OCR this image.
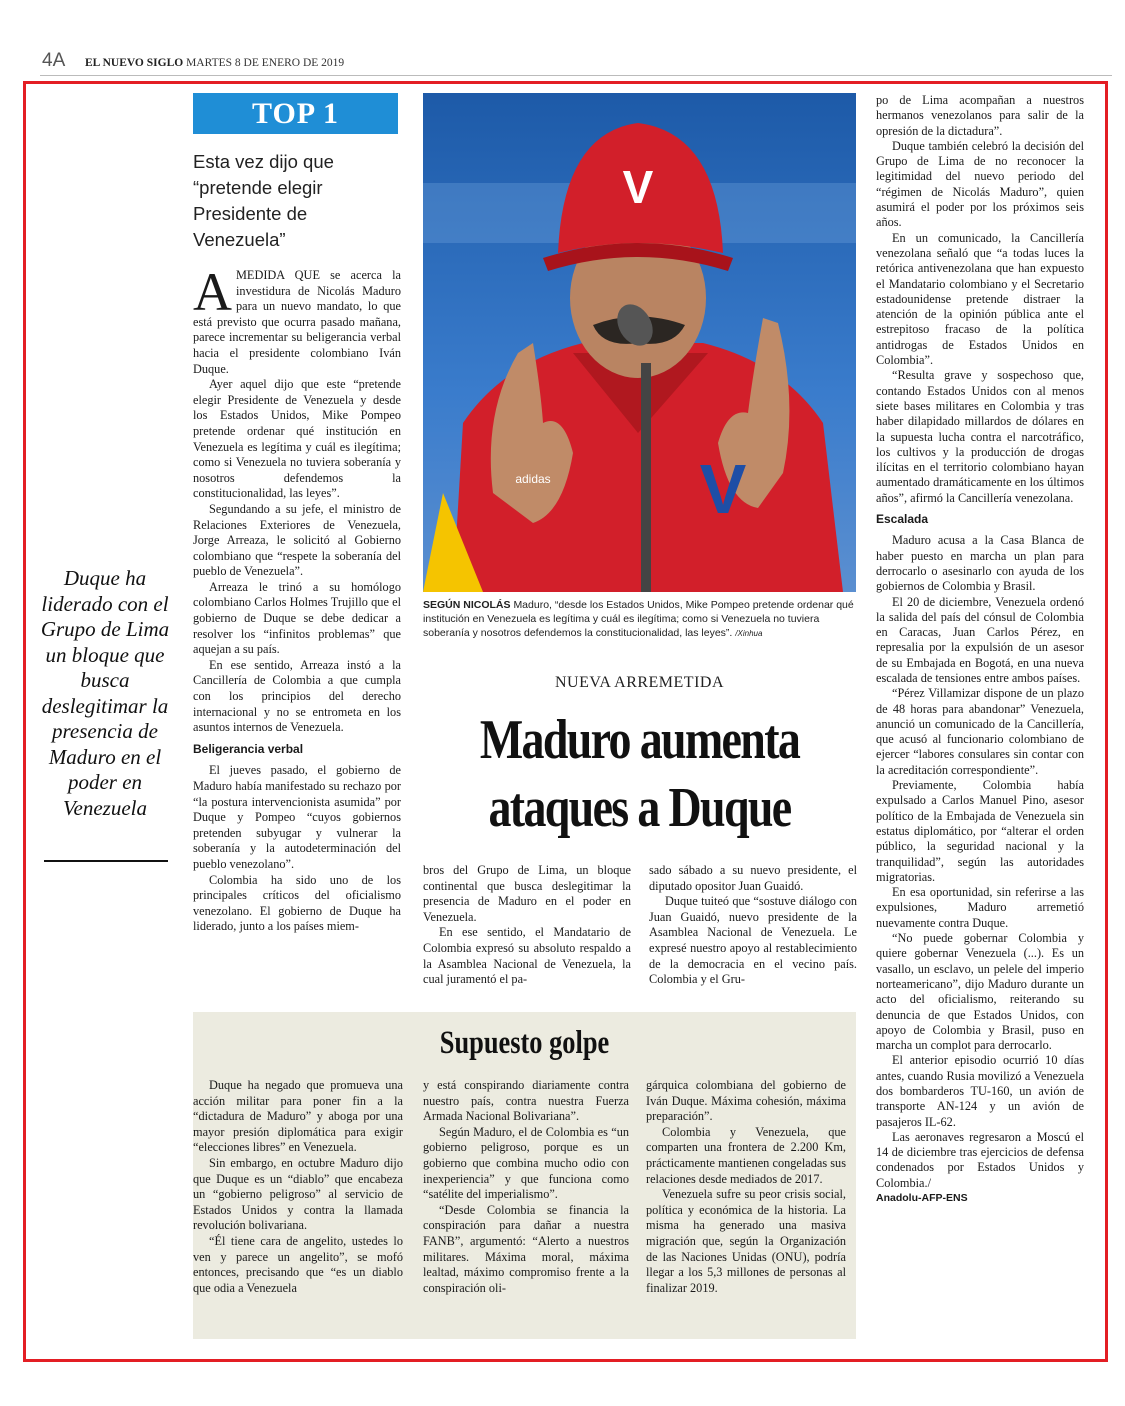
4A EL NUEVO SIGLO MARTES 8 DE ENERO DE 2019
TOP 1
Esta vez dijo que “pretende elegir Presidente de Venezuela”

AMEDIDA QUE se acerca la investidura de Nicolás Maduro para un nuevo mandato, lo que está previsto que ocurra pasado mañana, parece incrementar su beligerancia verbal hacia el presidente colombiano Iván Duque.

Ayer aquel dijo que este “pretende elegir Presidente de Venezuela y desde los Estados Unidos, Mike Pompeo pretende ordenar qué institución en Venezuela es legítima y cuál es ilegítima; como si Venezuela no tuviera soberanía y nosotros defendemos la constitucionalidad, las leyes”.

Segundando a su jefe, el ministro de Relaciones Exteriores de Venezuela, Jorge Arreaza, le solicitó al Gobierno colombiano que “respete la soberanía del pueblo de Venezuela”.

Arreaza le trinó a su homólogo colombiano Carlos Holmes Trujillo que el gobierno de Duque se debe dedicar a resolver los “infinitos problemas” que aquejan a su país.

En ese sentido, Arreaza instó a la Cancillería de Colombia a que cumpla con los principios del derecho internacional y no se entrometa en los asuntos internos de Venezuela.

Beligerancia verbal

El jueves pasado, el gobierno de Maduro había manifestado su rechazo por “la postura intervencionista asumida” por Duque y Pompeo “cuyos gobiernos pretenden subyugar y vulnerar la soberanía y la autodeterminación del pueblo venezolano”.

Colombia ha sido uno de los principales críticos del oficialismo venezolano. El gobierno de Duque ha liderado, junto a los países miem-

Duque ha liderado con el Grupo de Lima un bloque que busca deslegitimar la presencia de Maduro en el poder en Venezuela
V
V
adidas
SEGÚN NICOLÁS Maduro, “desde los Estados Unidos, Mike Pompeo pretende ordenar qué institución en Venezuela es legítima y cuál es ilegítima; como si Venezuela no tuviera soberanía y nosotros defendemos la constitucionalidad, las leyes”. /Xinhua
NUEVA ARREMETIDA
Maduro aumenta
ataques a Duque

bros del Grupo de Lima, un bloque continental que busca deslegitimar la presencia de Maduro en el poder en Venezuela.

En ese sentido, el Mandatario de Colombia expresó su absoluto respaldo a la Asamblea Nacional de Venezuela, la cual juramentó el pa-

sado sábado a su nuevo presidente, el diputado opositor Juan Guaidó.

Duque tuiteó que “sostuve diálogo con Juan Guaidó, nuevo presidente de la Asamblea Nacional de Venezuela. Le expresé nuestro apoyo al restablecimiento de la democracia en el vecino país. Colombia y el Gru-

po de Lima acompañan a nuestros hermanos venezolanos para salir de la opresión de la dictadura”.

Duque también celebró la decisión del Grupo de Lima de no reconocer la legitimidad del nuevo periodo del “régimen de Nicolás Maduro”, quien asumirá el poder por los próximos seis años.

En un comunicado, la Cancillería venezolana señaló que “a todas luces la retórica antivenezolana que han expuesto el Mandatario colombiano y el Secretario estadounidense pretende distraer la atención de la opinión pública ante el estrepitoso fracaso de la política antidrogas de Estados Unidos en Colombia”.

“Resulta grave y sospechoso que, contando Estados Unidos con al menos siete bases militares en Colombia y tras haber dilapidado millardos de dólares en la supuesta lucha contra el narcotráfico, los cultivos y la producción de drogas ilícitas en el territorio colombiano hayan aumentado dramáticamente en los últimos años”, afirmó la Cancillería venezolana.

Escalada

Maduro acusa a la Casa Blanca de haber puesto en marcha un plan para derrocarlo o asesinarlo con ayuda de los gobiernos de Colombia y Brasil.

El 20 de diciembre, Venezuela ordenó la salida del país del cónsul de Colombia en Caracas, Juan Carlos Pérez, en represalia por la expulsión de un asesor de su Embajada en Bogotá, en una nueva escalada de tensiones entre ambos países.

“Pérez Villamizar dispone de un plazo de 48 horas para abandonar” Venezuela, anunció un comunicado de la Cancillería, que acusó al funcionario colombiano de ejercer “labores consulares sin contar con la acreditación correspondiente”.

Previamente, Colombia había expulsado a Carlos Manuel Pino, asesor político de la Embajada de Venezuela sin estatus diplomático, por “alterar el orden público, la seguridad nacional y la tranquilidad”, según las autoridades migratorias.

En esa oportunidad, sin referirse a las expulsiones, Maduro arremetió nuevamente contra Duque.

“No puede gobernar Colombia y quiere gobernar Venezuela (...). Es un vasallo, un esclavo, un pelele del imperio norteamericano”, dijo Maduro durante un acto del oficialismo, reiterando su denuncia de que Estados Unidos, con apoyo de Colombia y Brasil, puso en marcha un complot para derrocarlo.

El anterior episodio ocurrió 10 días antes, cuando Rusia movilizó a Venezuela dos bombarderos TU-160, un avión de transporte AN-124 y un avión de pasajeros IL-62.

Las aeronaves regresaron a Moscú el 14 de diciembre tras ejercicios de defensa condenados por Estados Unidos y Colombia./

Anadolu-AFP-ENS

Supuesto golpe

Duque ha negado que promueva una acción militar para poner fin a la “dictadura de Maduro” y aboga por una mayor presión diplomática para exigir “elecciones libres” en Venezuela.

Sin embargo, en octubre Maduro dijo que Duque es un “diablo” que encabeza un “gobierno peligroso” al servicio de Estados Unidos y contra la llamada revolución bolivariana.

“Él tiene cara de angelito, ustedes lo ven y parece un angelito”, se mofó entonces, precisando que “es un diablo que odia a Venezuela

y está conspirando diariamente contra nuestro país, contra nuestra Fuerza Armada Nacional Bolivariana”.

Según Maduro, el de Colombia es “un gobierno peligroso, porque es un gobierno que combina mucho odio con inexperiencia” y que funciona como “satélite del imperialismo”.

“Desde Colombia se financia la conspiración para dañar a nuestra FANB”, argumentó: “Alerto a nuestros militares. Máxima moral, máxima lealtad, máximo compromiso frente a la conspiración oli-

gárquica colombiana del gobierno de Iván Duque. Máxima cohesión, máxima preparación”.

Colombia y Venezuela, que comparten una frontera de 2.200 Km, prácticamente mantienen congeladas sus relaciones desde mediados de 2017.

Venezuela sufre su peor crisis social, política y económica de la historia. La misma ha generado una masiva migración que, según la Organización de las Naciones Unidas (ONU), podría llegar a los 5,3 millones de personas al finalizar 2019.
